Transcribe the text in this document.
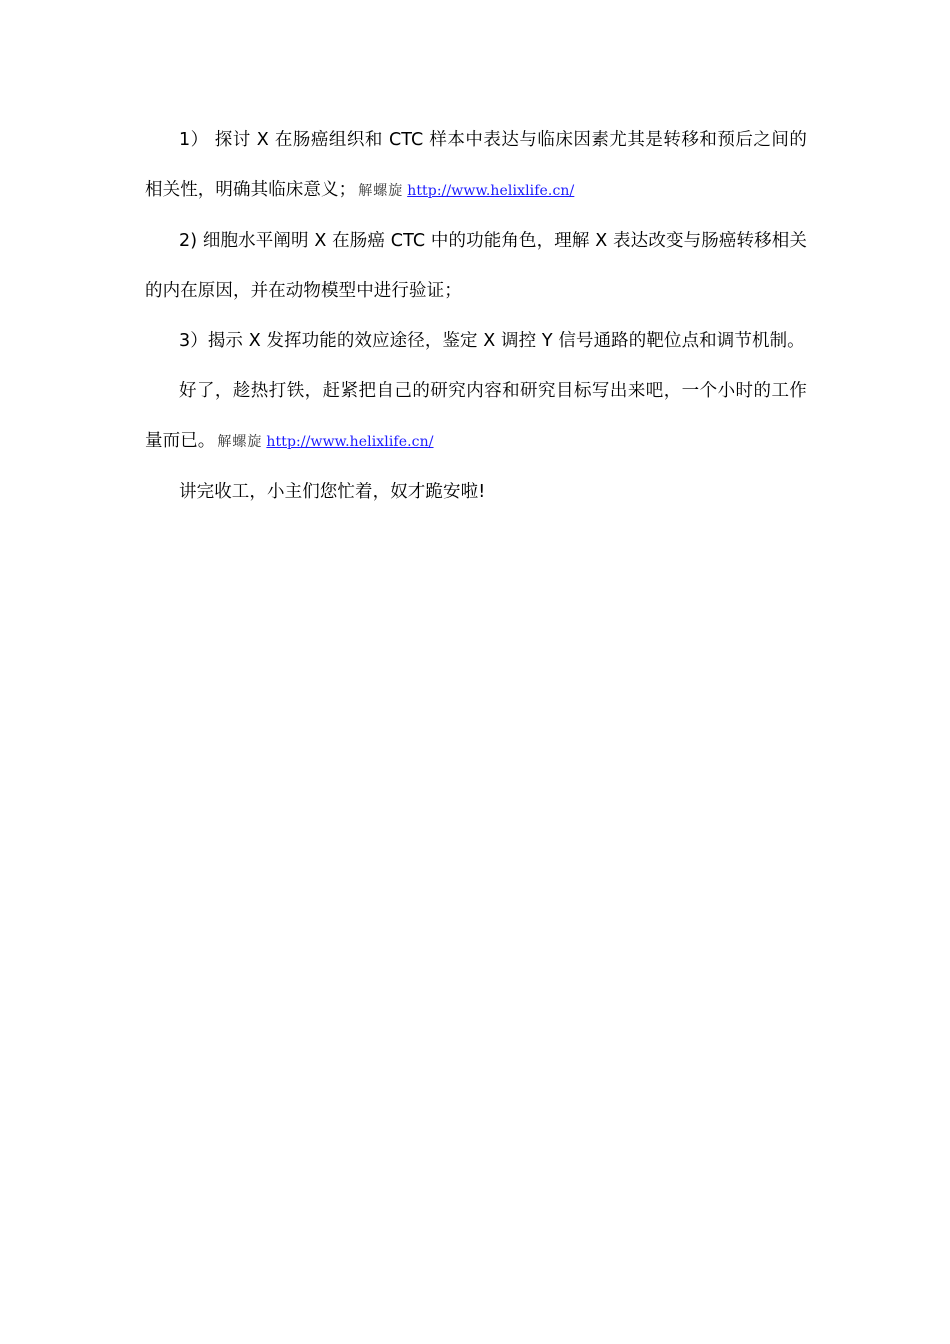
1） 探讨 X 在肠癌组织和 CTC 样本中表达与临床因素尤其是转移和预后之间的相关性，明确其临床意义； 解螺旋 http://www.helixlife.cn/

2) 细胞水平阐明 X 在肠癌 CTC 中的功能角色，理解 X 表达改变与肠癌转移相关的内在原因，并在动物模型中进行验证；

3）揭示 X 发挥功能的效应途径，鉴定 X 调控 Y 信号通路的靶位点和调节机制。

好了，趁热打铁，赶紧把自己的研究内容和研究目标写出来吧，一个小时的工作量而已。 解螺旋 http://www.helixlife.cn/

讲完收工，小主们您忙着，奴才跪安啦!
